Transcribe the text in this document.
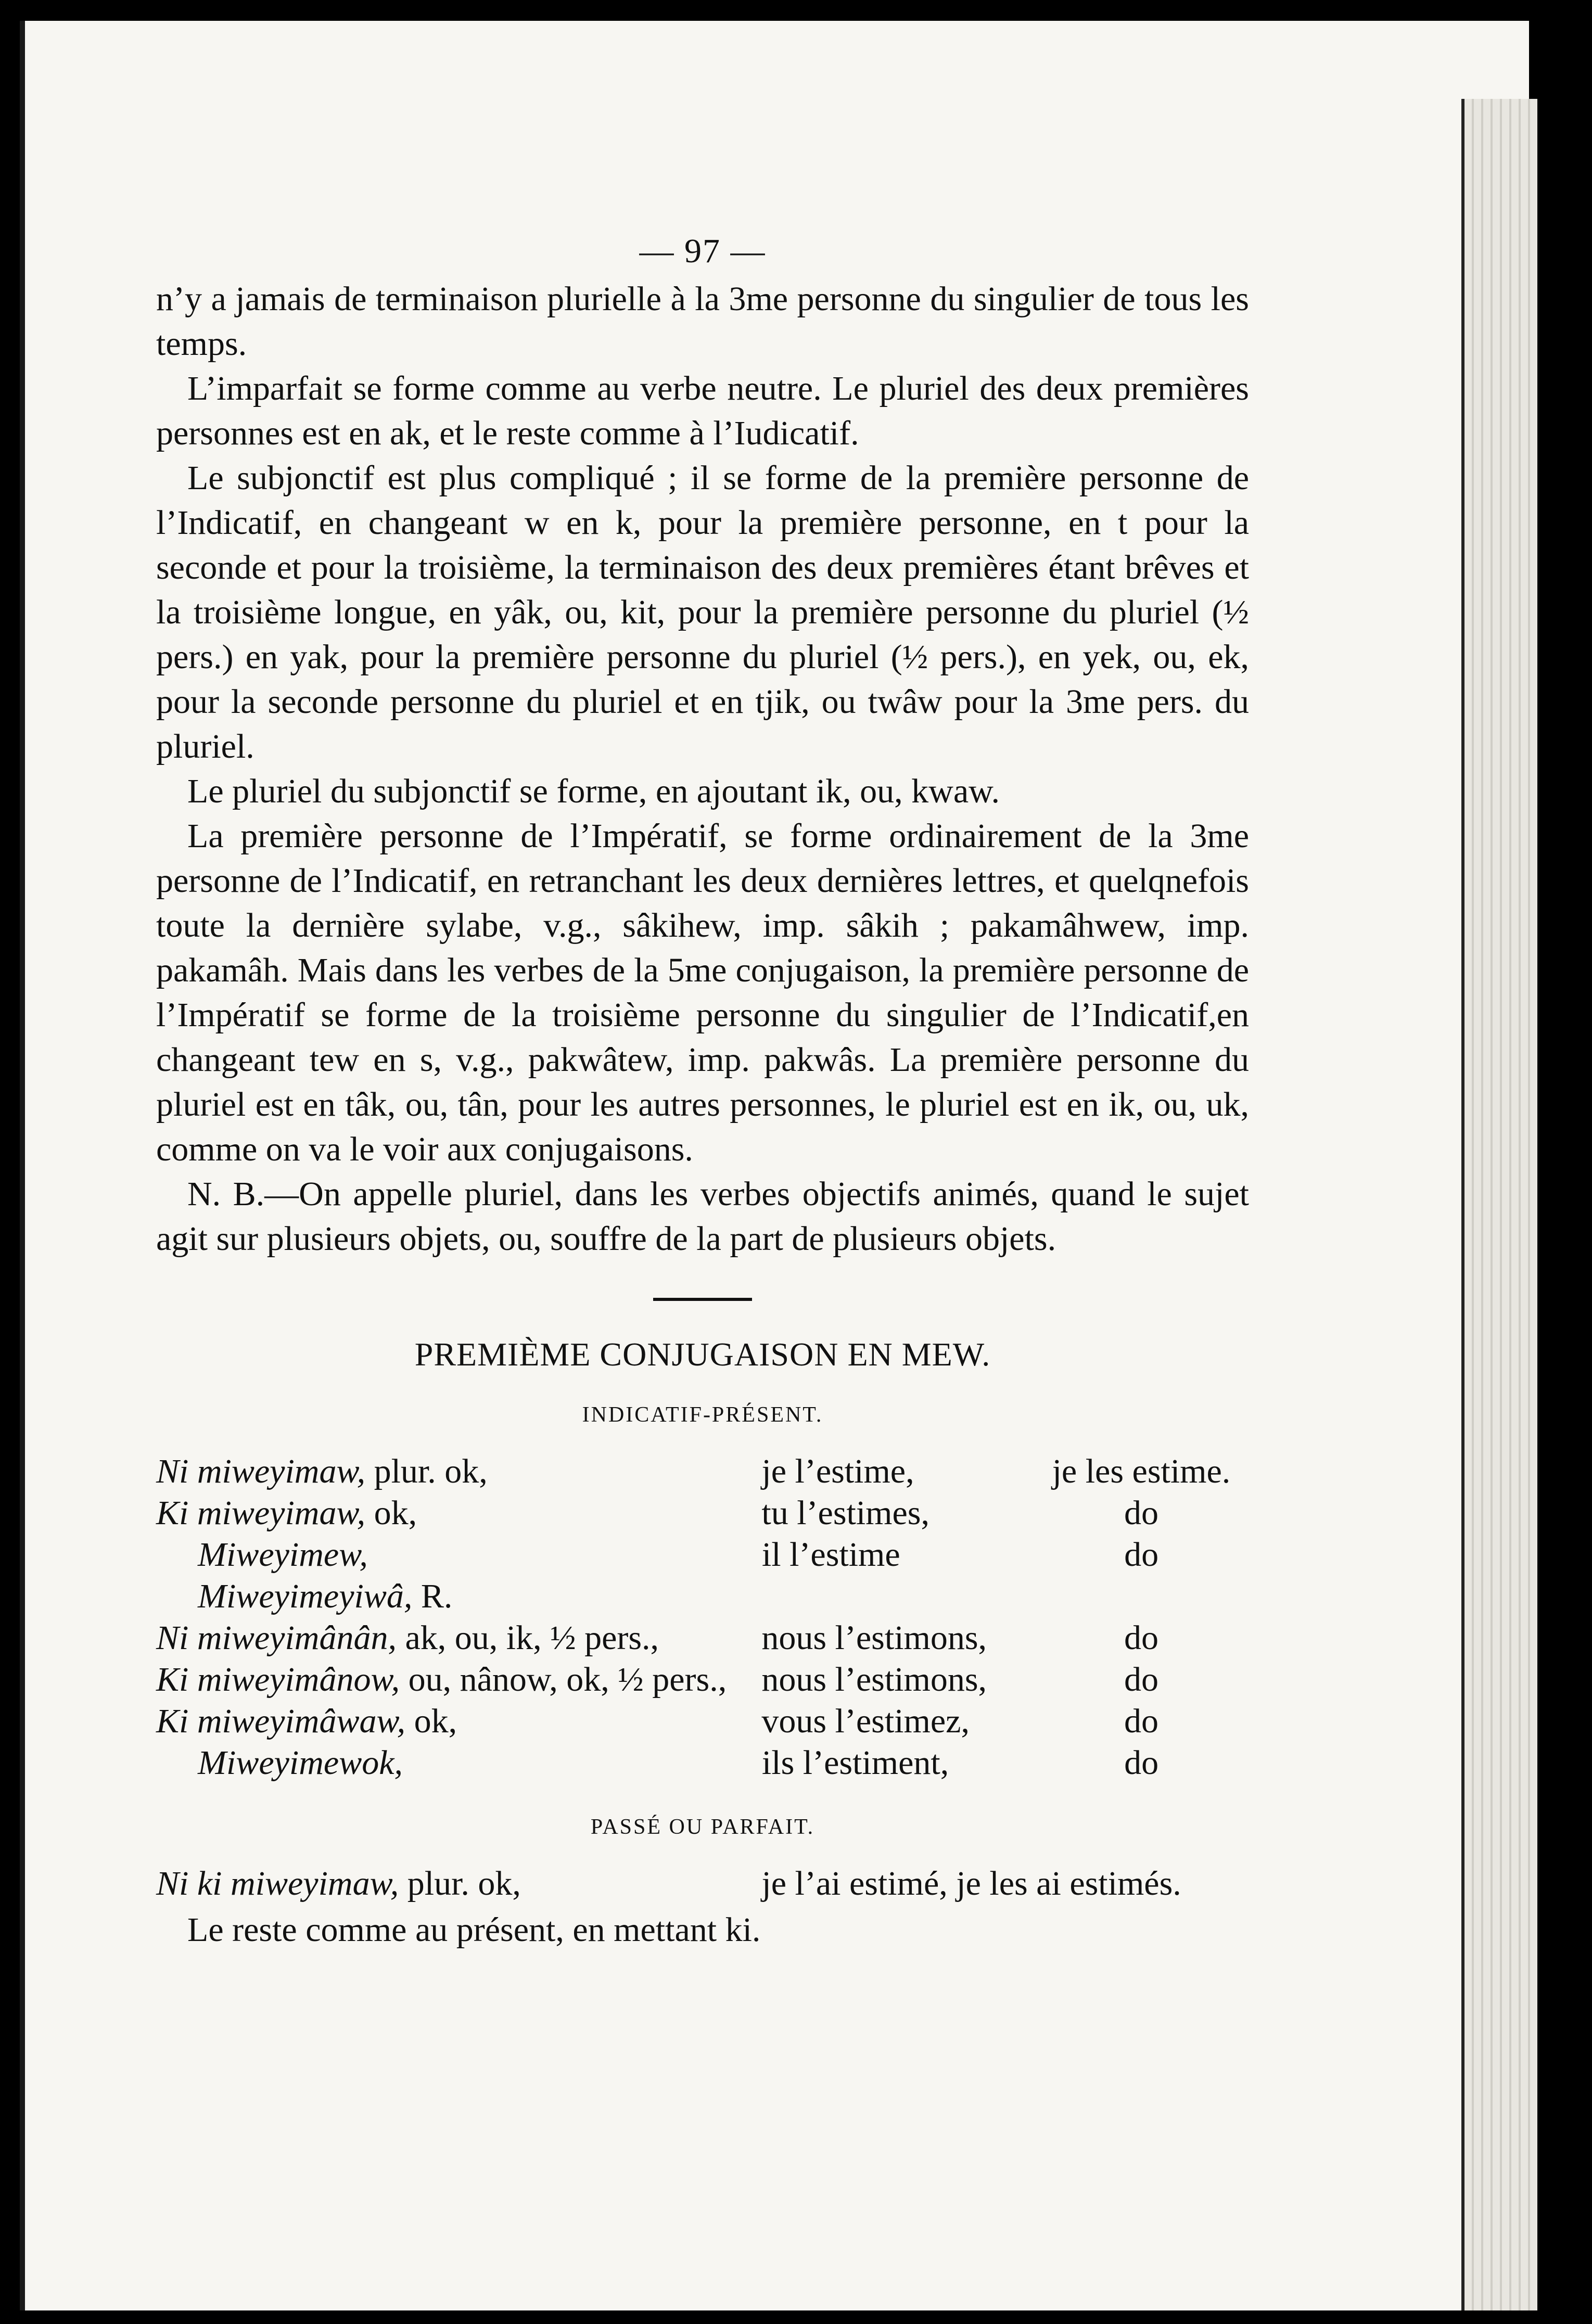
— 97 —

n’y a jamais de terminaison plurielle à la 3me personne du singulier de tous les temps.

L’imparfait se forme comme au verbe neutre. Le pluriel des deux premières personnes est en ak, et le reste comme à l’Iudicatif.

Le subjonctif est plus compliqué ; il se forme de la première personne de l’Indicatif, en changeant w en k, pour la première personne, en t pour la seconde et pour la troisième, la terminaison des deux premières étant brêves et la troisième longue, en yâk, ou, kit, pour la première personne du pluriel (½ pers.) en yak, pour la première personne du pluriel (½ pers.), en yek, ou, ek, pour la seconde personne du pluriel et en tjik, ou twâw pour la 3me pers. du pluriel.

Le pluriel du subjonctif se forme, en ajoutant ik, ou, kwaw.

La première personne de l’Impératif, se forme ordinairement de la 3me personne de l’Indicatif, en retranchant les deux dernières lettres, et quelqnefois toute la dernière sylabe, v.g., sâkihew, imp. sâkih ; pakamâhwew, imp. pakamâh. Mais dans les verbes de la 5me conjugaison, la première personne de l’Impératif se forme de la troisième personne du singulier de l’Indicatif,en changeant tew en s, v.g., pakwâtew, imp. pakwâs. La première personne du pluriel est en tâk, ou, tân, pour les autres personnes, le pluriel est en ik, ou, uk, comme on va le voir aux conjugaisons.

N. B.—On appelle pluriel, dans les verbes objectifs animés, quand le sujet agit sur plusieurs objets, ou, souffre de la part de plusieurs objets.

PREMIÈME CONJUGAISON EN MEW.
INDICATIF-PRÉSENT.
Ni miweyimaw, plur. ok,	je l’estime,	je les estime.
Ki miweyimaw, ok,	tu l’estimes,	do
Miweyimew,	il l’estime	do
Miweyimeyiwâ, R.
Ni miweyimânân, ak, ou, ik, ½ pers.,	nous l’estimons,	do
Ki miweyimânow, ou, nânow, ok, ½ pers.,	nous l’estimons,	do
Ki miweyimâwaw, ok,	vous l’estimez,	do
Miweyimewok,	ils l’estiment,	do
PASSÉ OU PARFAIT.
Ni ki miweyimaw, plur. ok,	je l’ai estimé, je les ai estimés.

Le reste comme au présent, en mettant ki.
